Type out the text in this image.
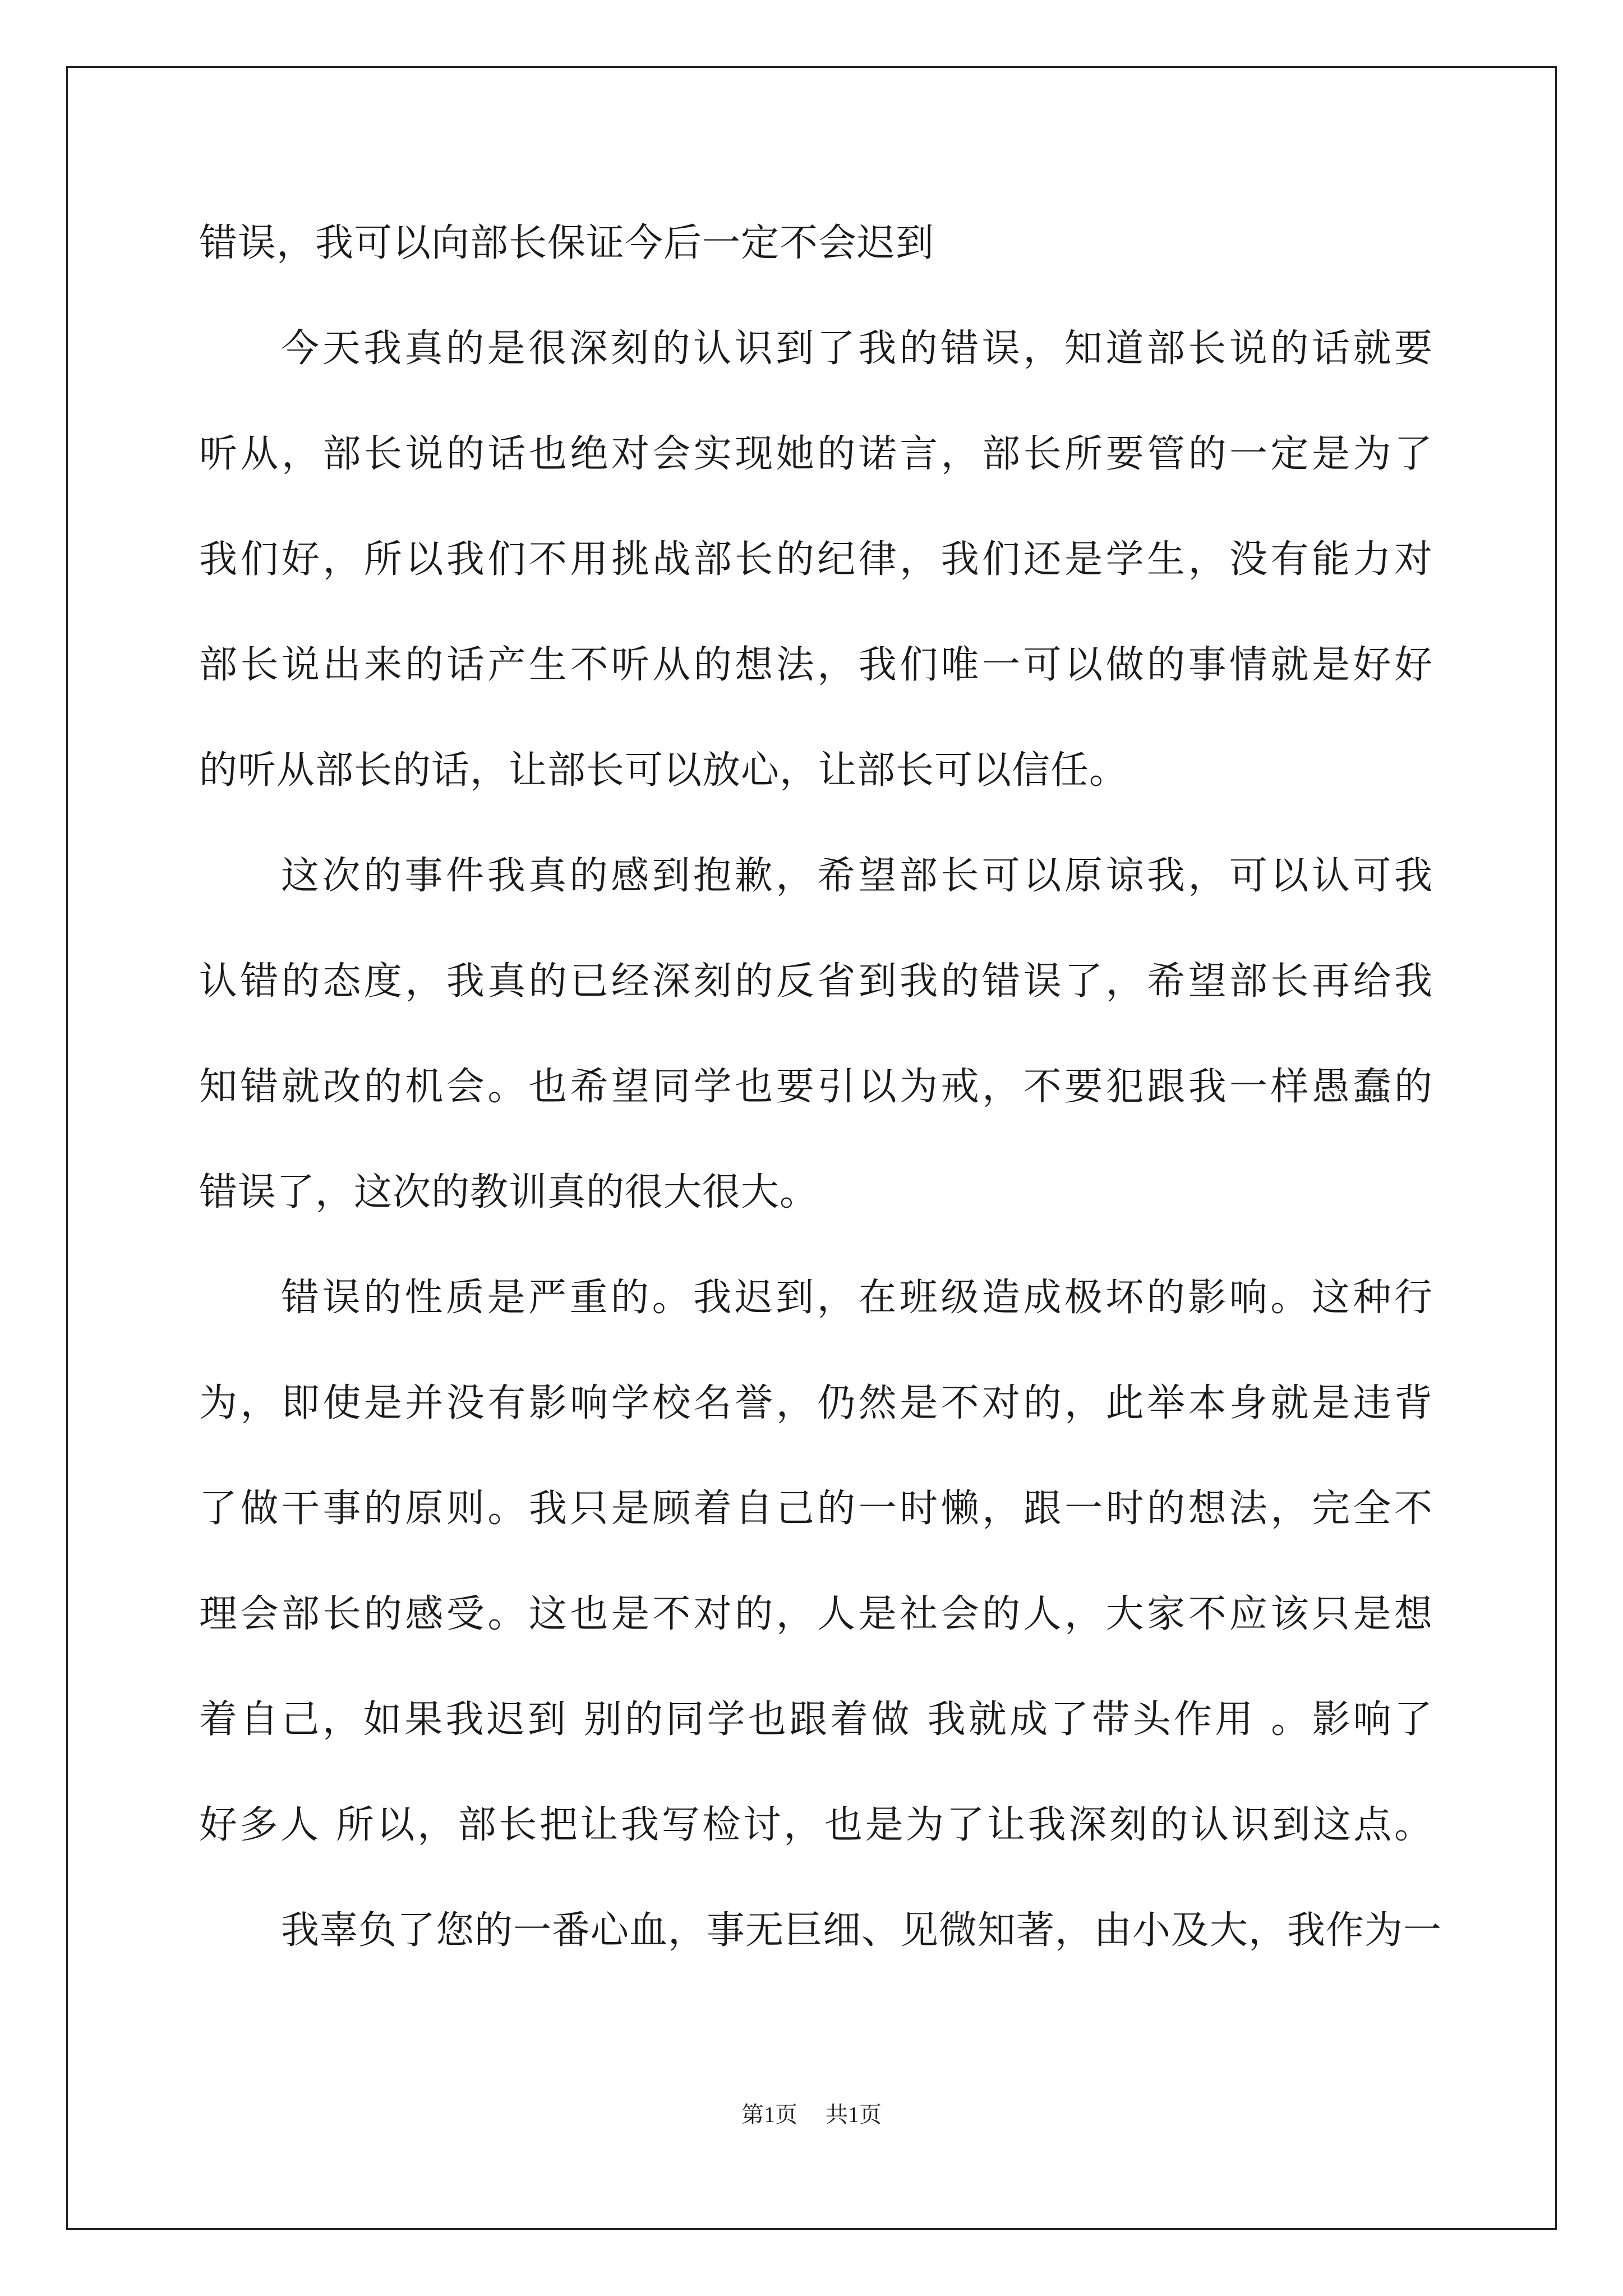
错误，我可以向部长保证今后一定不会迟到
今天我真的是很深刻的认识到了我的错误，知道部长说的话就要
听从，部长说的话也绝对会实现她的诺言，部长所要管的一定是为了
我们好，所以我们不用挑战部长的纪律，我们还是学生，没有能力对
部长说出来的话产生不听从的想法，我们唯一可以做的事情就是好好
的听从部长的话，让部长可以放心，让部长可以信任。
这次的事件我真的感到抱歉，希望部长可以原谅我，可以认可我
认错的态度，我真的已经深刻的反省到我的错误了，希望部长再给我
知错就改的机会。也希望同学也要引以为戒，不要犯跟我一样愚蠢的
错误了，这次的教训真的很大很大。
错误的性质是严重的。我迟到，在班级造成极坏的影响。这种行
为，即使是并没有影响学校名誉，仍然是不对的，此举本身就是违背
了做干事的原则。我只是顾着自己的一时懒，跟一时的想法，完全不
理会部长的感受。这也是不对的，人是社会的人，大家不应该只是想
着自己，如果我迟到 别的同学也跟着做 我就成了带头作用 。影响了
好多人 所以，部长把让我写检讨，也是为了让我深刻的认识到这点。
我辜负了您的一番心血，事无巨细、见微知著，由小及大，我作为一
第1页 共1页
